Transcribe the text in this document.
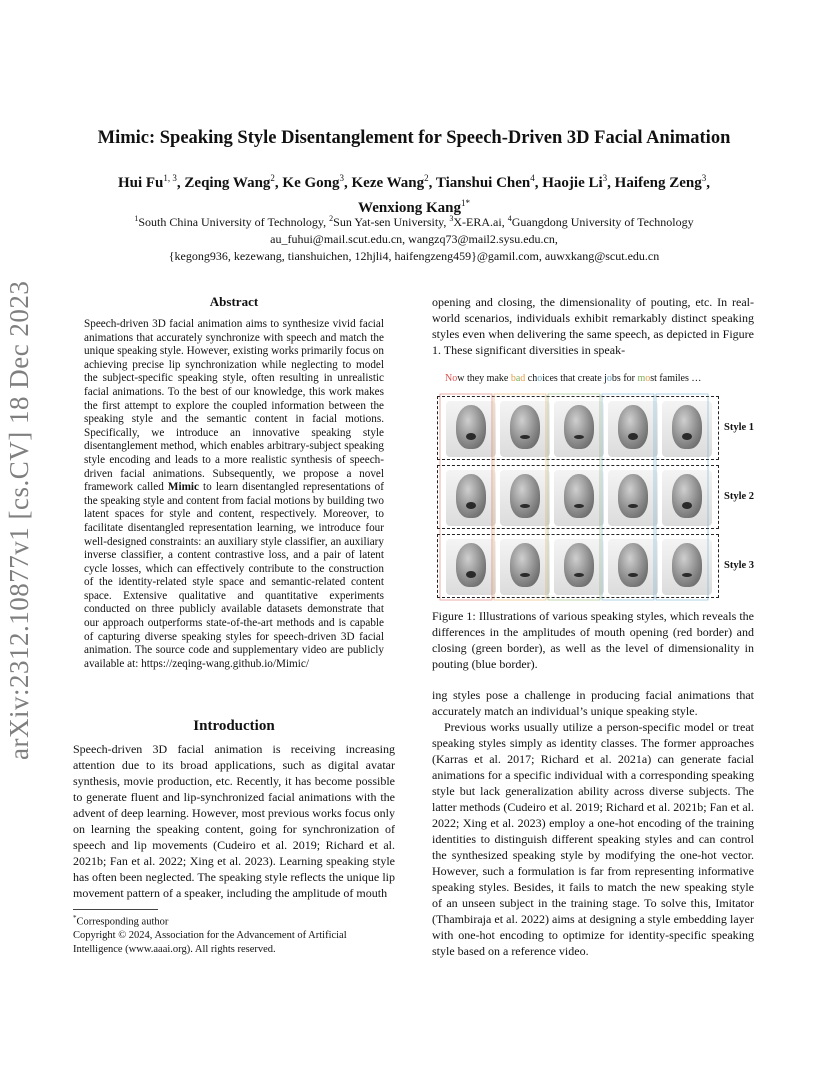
arXiv:2312.10877v1 [cs.CV] 18 Dec 2023
Mimic: Speaking Style Disentanglement for Speech-Driven 3D Facial Animation
Hui Fu$^{1, 3}$, Zeqing Wang$^2$, Ke Gong$^3$, Keze Wang$^2$, Tianshui Chen$^4$, Haojie Li$^3$, Haifeng Zeng$^3$,
Wenxiong Kang$^{1*}$
$^1$South China University of Technology, $^2$Sun Yat-sen University, $^3$X-ERA.ai, $^4$Guangdong University of Technology
au_fuhui@mail.scut.edu.cn, wangzq73@mail2.sysu.edu.cn,
{kegong936, kezewang, tianshuichen, 12hjli4, haifengzeng459}@gamil.com, auwxkang@scut.edu.cn
Abstract
Speech-driven 3D facial animation aims to synthesize vivid facial animations that accurately synchronize with speech and match the unique speaking style. However, existing works primarily focus on achieving precise lip synchronization while neglecting to model the subject-specific speaking style, often resulting in unrealistic facial animations. To the best of our knowledge, this work makes the first attempt to explore the coupled information between the speaking style and the semantic content in facial motions. Specifically, we introduce an innovative speaking style disentanglement method, which enables arbitrary-subject speaking style encoding and leads to a more realistic synthesis of speech-driven facial animations. Subsequently, we propose a novel framework called Mimic to learn disentangled representations of the speaking style and content from facial motions by building two latent spaces for style and content, respectively. Moreover, to facilitate disentangled representation learning, we introduce four well-designed constraints: an auxiliary style classifier, an auxiliary inverse classifier, a content contrastive loss, and a pair of latent cycle losses, which can effectively contribute to the construction of the identity-related style space and semantic-related content space. Extensive qualitative and quantitative experiments conducted on three publicly available datasets demonstrate that our approach outperforms state-of-the-art methods and is capable of capturing diverse speaking styles for speech-driven 3D facial animation. The source code and supplementary video are publicly available at: https://zeqing-wang.github.io/Mimic/
Introduction
Speech-driven 3D facial animation is receiving increasing attention due to its broad applications, such as digital avatar synthesis, movie production, etc. Recently, it has become possible to generate fluent and lip-synchronized facial animations with the advent of deep learning. However, most previous works focus only on learning the speaking content, going for synchronization of speech and lip movements (Cudeiro et al. 2019; Richard et al. 2021b; Fan et al. 2022; Xing et al. 2023). Learning speaking style has often been neglected. The speaking style reflects the unique lip movement pattern of a speaker, including the amplitude of mouth
*Corresponding author
Copyright © 2024, Association for the Advancement of Artificial Intelligence (www.aaai.org). All rights reserved.
opening and closing, the dimensionality of pouting, etc. In real-world scenarios, individuals exhibit remarkably distinct speaking styles even when delivering the same speech, as depicted in Figure 1. These significant diversities in speak-
Now they make bad choices that create jobs for most familes …
Style 1
Style 2
Style 3
Figure 1: Illustrations of various speaking styles, which reveals the differences in the amplitudes of mouth opening (red border) and closing (green border), as well as the level of dimensionality in pouting (blue border).
ing styles pose a challenge in producing facial animations that accurately match an individual’s unique speaking style.
Previous works usually utilize a person-specific model or treat speaking styles simply as identity classes. The former approaches (Karras et al. 2017; Richard et al. 2021a) can generate facial animations for a specific individual with a corresponding speaking style but lack generalization ability across diverse subjects. The latter methods (Cudeiro et al. 2019; Richard et al. 2021b; Fan et al. 2022; Xing et al. 2023) employ a one-hot encoding of the training identities to distinguish different speaking styles and can control the synthesized speaking style by modifying the one-hot vector. However, such a formulation is far from representing informative speaking styles. Besides, it fails to match the new speaking style of an unseen subject in the training stage. To solve this, Imitator (Thambiraja et al. 2022) aims at designing a style embedding layer with one-hot encoding to optimize for identity-specific speaking style based on a reference video.
